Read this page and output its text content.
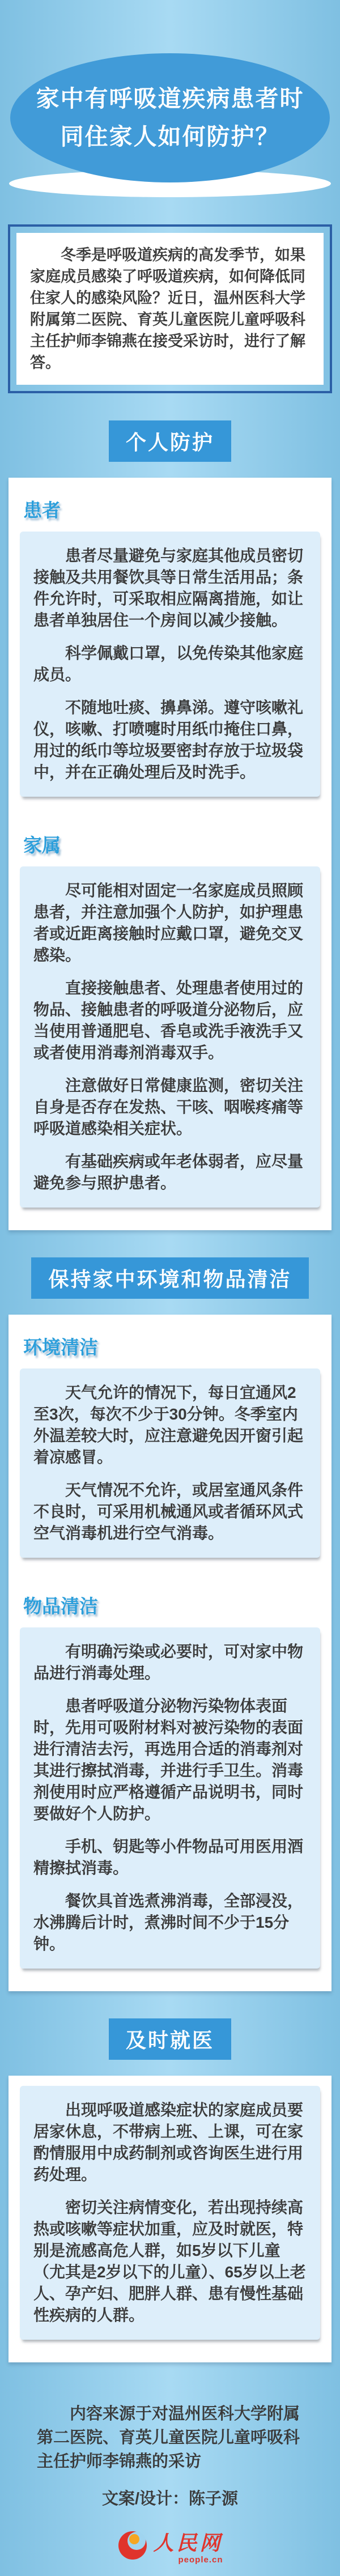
家中有呼吸道疾病患者时
同住家人如何防护？

冬季是呼吸道疾病的高发季节，如果家庭成员感染了呼吸道疾病，如何降低同住家人的感染风险？近日，温州医科大学附属第二医院、育英儿童医院儿童呼吸科主任护师李锦燕在接受采访时，进行了解答。

个人防护
患者

患者尽量避免与家庭其他成员密切接触及共用餐饮具等日常生活用品；条件允许时，可采取相应隔离措施，如让患者单独居住一个房间以减少接触。

科学佩戴口罩，以免传染其他家庭成员。

不随地吐痰、擤鼻涕。遵守咳嗽礼仪，咳嗽、打喷嚏时用纸巾掩住口鼻，用过的纸巾等垃圾要密封存放于垃圾袋中，并在正确处理后及时洗手。

家属

尽可能相对固定一名家庭成员照顾患者，并注意加强个人防护，如护理患者或近距离接触时应戴口罩，避免交叉感染。

直接接触患者、处理患者使用过的物品、接触患者的呼吸道分泌物后，应当使用普通肥皂、香皂或洗手液洗手又或者使用消毒剂消毒双手。

注意做好日常健康监测，密切关注自身是否存在发热、干咳、咽喉疼痛等呼吸道感染相关症状。

有基础疾病或年老体弱者，应尽量避免参与照护患者。

保持家中环境和物品清洁
环境清洁

天气允许的情况下，每日宜通风2至3次，每次不少于30分钟。冬季室内外温差较大时，应注意避免因开窗引起着凉感冒。

天气情况不允许，或居室通风条件不良时，可采用机械通风或者循环风式空气消毒机进行空气消毒。

物品清洁

有明确污染或必要时，可对家中物品进行消毒处理。

患者呼吸道分泌物污染物体表面时，先用可吸附材料对被污染物的表面进行清洁去污，再选用合适的消毒剂对其进行擦拭消毒，并进行手卫生。消毒剂使用时应严格遵循产品说明书，同时要做好个人防护。

手机、钥匙等小件物品可用医用酒精擦拭消毒。

餐饮具首选煮沸消毒，全部浸没，水沸腾后计时，煮沸时间不少于15分钟。

及时就医

出现呼吸道感染症状的家庭成员要居家休息，不带病上班、上课，可在家酌情服用中成药制剂或咨询医生进行用药处理。

密切关注病情变化，若出现持续高热或咳嗽等症状加重，应及时就医，特别是流感高危人群，如5岁以下儿童（尤其是2岁以下的儿童）、65岁以上老人、孕产妇、肥胖人群、患有慢性基础性疾病的人群。

内容来源于对温州医科大学附属第二医院、育英儿童医院儿童呼吸科主任护师李锦燕的采访

文案/设计：陈子源

人民网
people.cn
